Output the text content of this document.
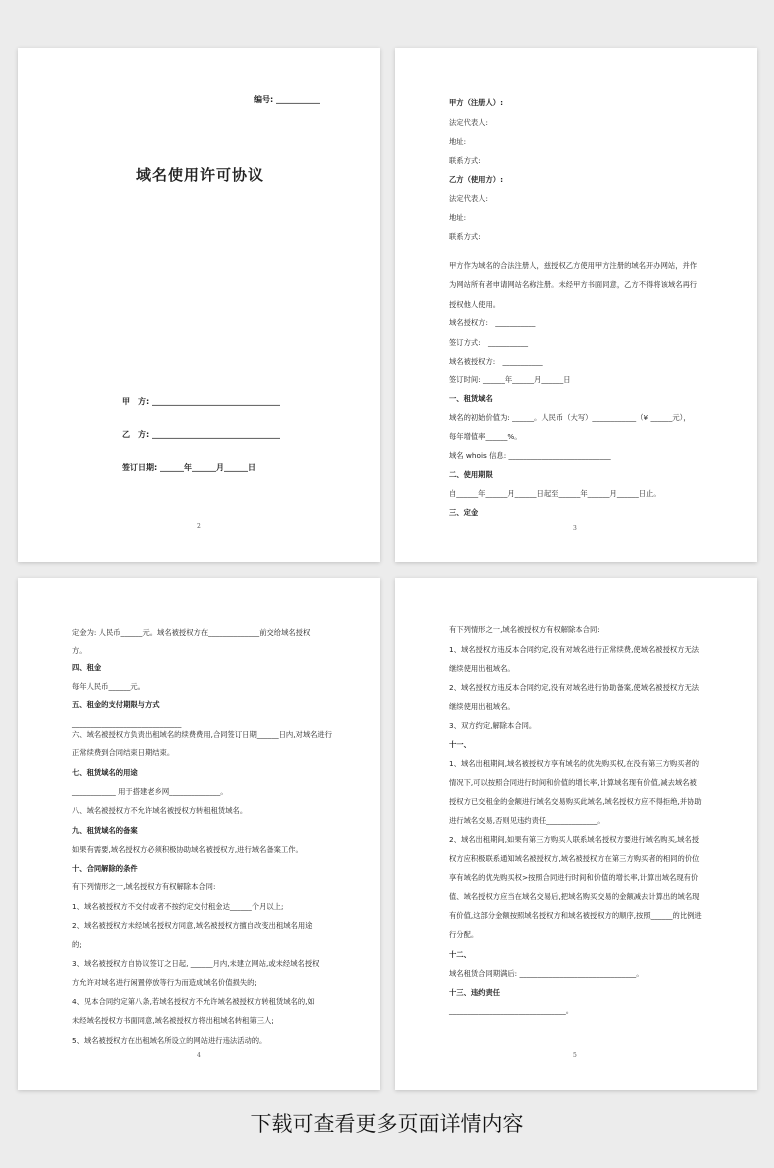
编号: ___________
域名使用许可协议
甲　方: ________________________________
乙　方: ________________________________
签订日期: ______年______月______日
2
甲方（注册人）:
法定代表人:
地址:
联系方式:
乙方（使用方）:
法定代表人:
地址:
联系方式:
甲方作为域名的合法注册人，兹授权乙方使用甲方注册的域名开办网站，并作
为网站所有者申请网站名称注册。未经甲方书面同意，乙方不得将该域名再行
授权他人使用。
域名授权方:　___________
签订方式:　___________
域名被授权方:　___________
签订时间: ______年______月______日
一、租赁域名
域名的初始价值为: ______。人民币（大写）____________（¥ ______元），
每年增值率______%。
域名 whois 信息: ____________________________
二、使用期限
自______年______月______日起至______年______月______日止。
三、定金
3
定金为: 人民币______元。域名被授权方在______________前交给域名授权
方。
四、租金
每年人民币______元。
五、租金的支付期限与方式
______________________________
六、域名被授权方负责出租域名的续费费用,合同签订日期______日内,对域名进行
正常续费到合同结束日期结束。
七、租赁域名的用途
____________ 用于搭建老乡网______________。
八、域名被授权方不允许域名被授权方转租租赁域名。
九、租赁域名的备案
如果有需要,域名授权方必须积极协助域名被授权方,进行域名备案工作。
十、合同解除的条件
有下列情形之一,域名授权方有权解除本合同:
1、域名被授权方不交付或者不按约定交付租金达______个月以上;
2、域名被授权方未经域名授权方同意,域名被授权方擅自改变出租域名用途
的;
3、域名被授权方自协议签订之日起, ______月内,未建立网站,或未经域名授权
方允许对域名进行闲置停放等行为而造成域名价值损失的;
4、见本合同约定第八条,若域名授权方不允许域名被授权方转租赁域名的,如
未经域名授权方书面同意,域名被授权方将出租域名转租第三人;
5、域名被授权方在出租域名所设立的网站进行违法活动的。
4
有下列情形之一,域名被授权方有权解除本合同:
1、域名授权方违反本合同约定,没有对域名进行正常续费,使域名被授权方无法
继续使用出租域名。
2、域名授权方违反本合同约定,没有对域名进行协助备案,使域名被授权方无法
继续使用出租域名。
3、双方约定,解除本合同。
十一、
1、域名出租期间,域名被授权方享有域名的优先购买权,在没有第三方购买者的
情况下,可以按照合同进行时间和价值的增长率,计算域名现有价值,减去域名被
授权方已交租金的金额进行域名交易购买此域名,域名授权方应不得拒绝,并协助
进行域名交易,否则见违约责任______________。
2、域名出租期间,如果有第三方购买人联系域名授权方要进行域名购买,域名授
权方应积极联系通知域名被授权方,域名被授权方在第三方购买者的相同的价位
享有域名的优先购买权>按照合同进行时间和价值的增长率,计算出域名现有价
值、域名授权方应当在域名交易后,把域名购买交易的金额减去计算出的域名现
有价值,这部分金额按照域名授权方和域名被授权方的顺序,按照______的比例进
行分配。
十二、
域名租赁合同期满后: ________________________________。
十三、违约责任
________________________________。
5
下载可查看更多页面详情内容
